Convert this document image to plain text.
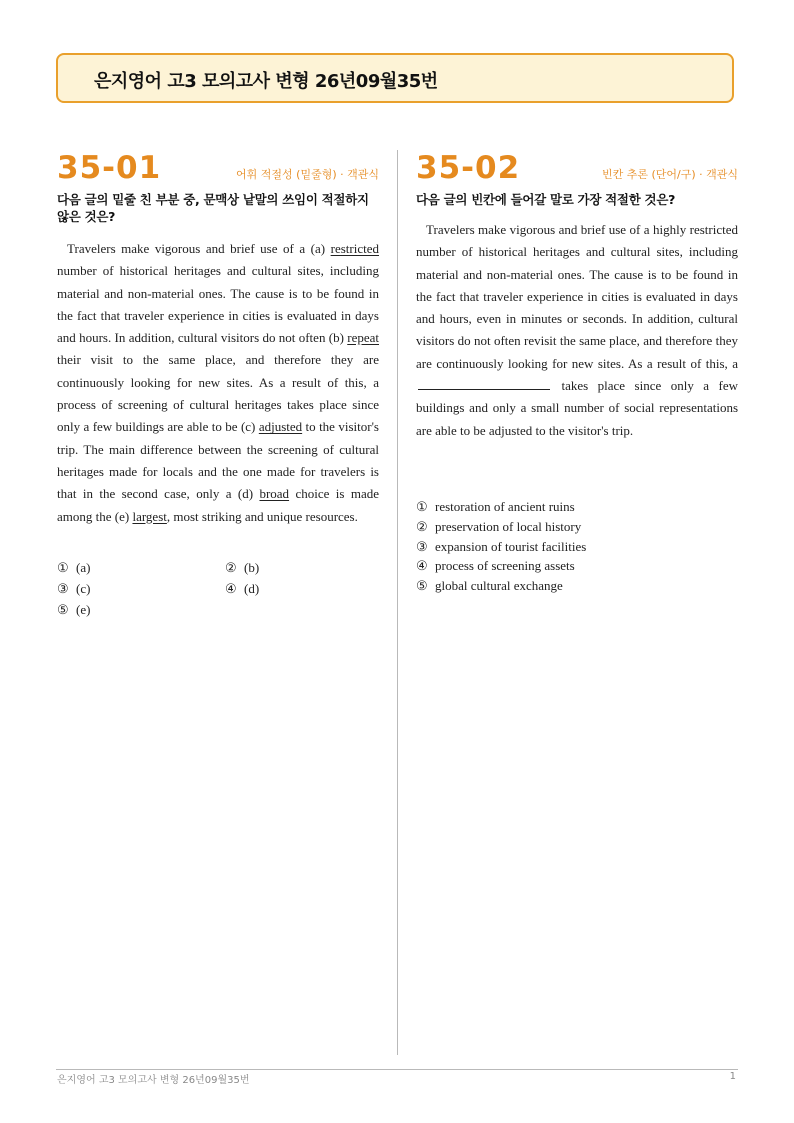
은지영어 고3 모의고사 변형 26년09월35번
35-01	어휘 적절성 (밑줄형) · 객관식
다음 글의 밑줄 친 부분 중, 문맥상 낱말의 쓰임이 적절하지 않은 것은?
Travelers make vigorous and brief use of a (a) restricted number of historical heritages and cultural sites, including material and non-material ones. The cause is to be found in the fact that traveler experience in cities is evaluated in days and hours. In addition, cultural visitors do not often (b) repeat their visit to the same place, and therefore they are continuously looking for new sites. As a result of this, a process of screening of cultural heritages takes place since only a few buildings are able to be (c) adjusted to the visitor's trip. The main difference between the screening of cultural heritages made for locals and the one made for travelers is that in the second case, only a (d) broad choice is made among the (e) largest, most striking and unique resources.
① (a)	② (b)
③ (c)	④ (d)
⑤ (e)
35-02	빈칸 추론 (단어/구) · 객관식
다음 글의 빈칸에 들어갈 말로 가장 적절한 것은?
Travelers make vigorous and brief use of a highly restricted number of historical heritages and cultural sites, including material and non-material ones. The cause is to be found in the fact that traveler experience in cities is evaluated in days and hours, even in minutes or seconds. In addition, cultural visitors do not often revisit the same place, and therefore they are continuously looking for new sites. As a result of this, a  takes place since only a few buildings and only a small number of social representations are able to be adjusted to the visitor's trip.
① restoration of ancient ruins
② preservation of local history
③ expansion of tourist facilities
④ process of screening assets
⑤ global cultural exchange
은지영어 고3 모의고사 변형 26년09월35번	1
